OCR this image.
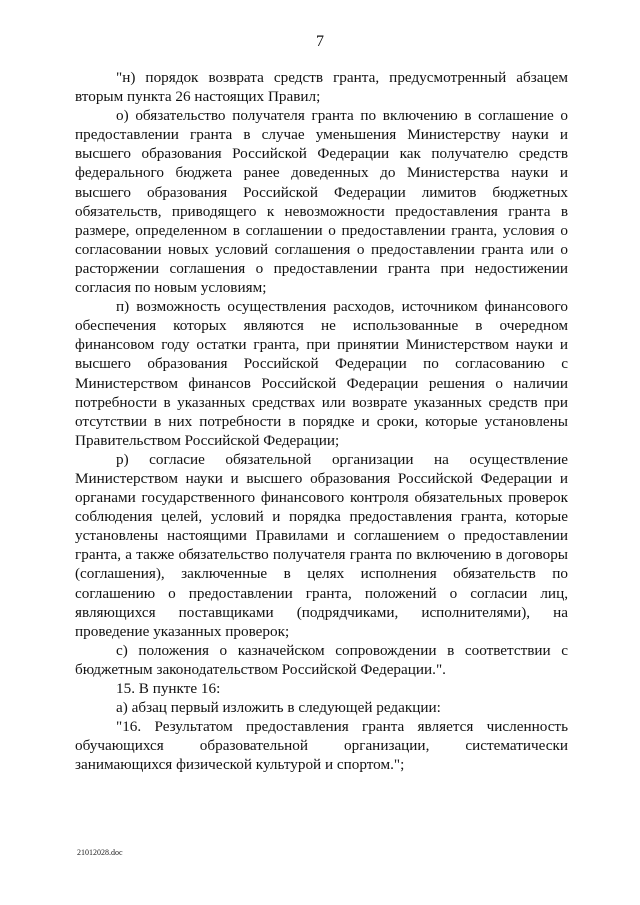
7

"н) порядок возврата средств гранта, предусмотренный абзацем вторым пункта 26 настоящих Правил;

о) обязательство получателя гранта по включению в соглашение о предоставлении гранта в случае уменьшения Министерству науки и высшего образования Российской Федерации как получателю средств федерального бюджета ранее доведенных до Министерства науки и высшего образования Российской Федерации лимитов бюджетных обязательств, приводящего к невозможности предоставления гранта в размере, определенном в соглашении о предоставлении гранта, условия о согласовании новых условий соглашения о предоставлении гранта или о расторжении соглашения о предоставлении гранта при недостижении согласия по новым условиям;

п) возможность осуществления расходов, источником финансового обеспечения которых являются не использованные в очередном финансовом году остатки гранта, при принятии Министерством науки и высшего образования Российской Федерации по согласованию с Министерством финансов Российской Федерации решения о наличии потребности в указанных средствах или возврате указанных средств при отсутствии в них потребности в порядке и сроки, которые установлены Правительством Российской Федерации;

р) согласие обязательной организации на осуществление Министерством науки и высшего образования Российской Федерации и органами государственного финансового контроля обязательных проверок соблюдения целей, условий и порядка предоставления гранта, которые установлены настоящими Правилами и соглашением о предоставлении гранта, а также обязательство получателя гранта по включению в договоры (соглашения), заключенные в целях исполнения обязательств по соглашению о предоставлении гранта, положений о согласии лиц, являющихся поставщиками (подрядчиками, исполнителями), на проведение указанных проверок;

с) положения о казначейском сопровождении в соответствии с бюджетным законодательством Российской Федерации.".

15. В пункте 16:

а) абзац первый изложить в следующей редакции:

"16. Результатом предоставления гранта является численность обучающихся образовательной организации, систематически занимающихся физической культурой и спортом.";

21012028.doc
